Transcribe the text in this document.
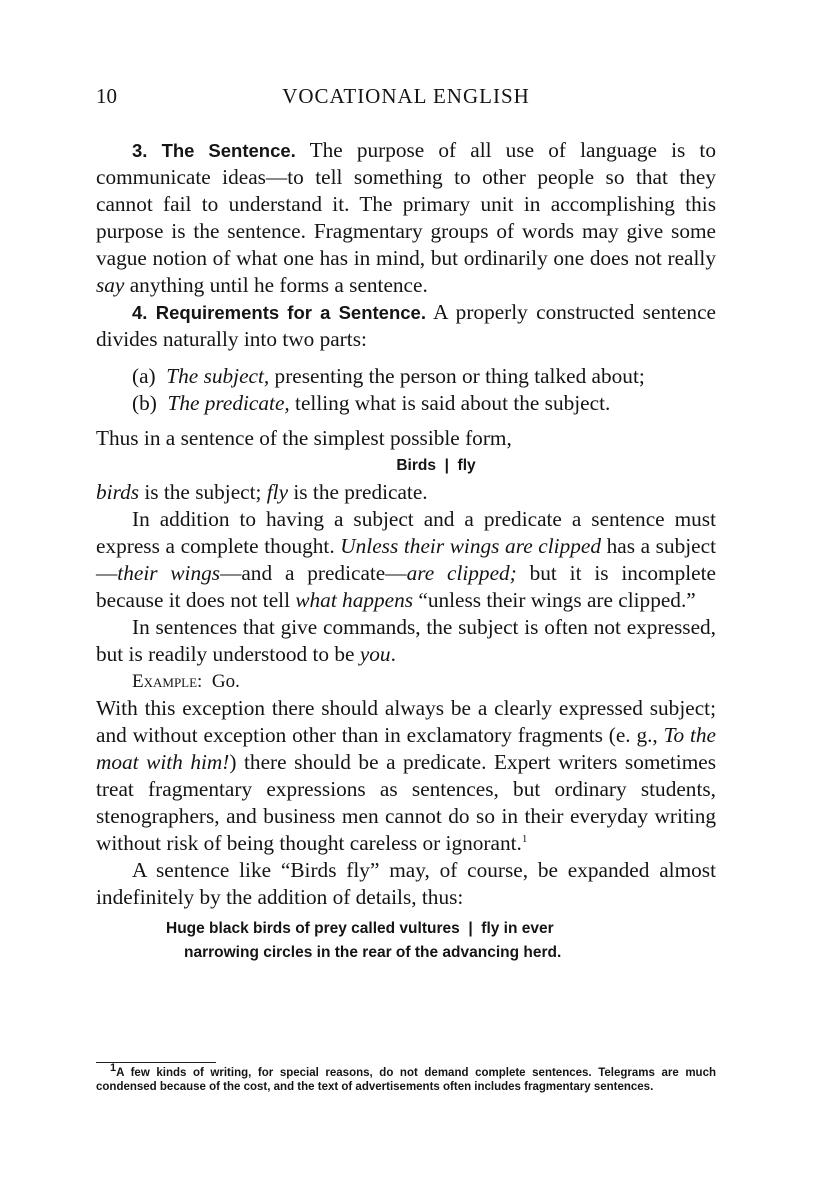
10	VOCATIONAL ENGLISH

3. The Sentence. The purpose of all use of language is to communicate ideas—to tell something to other people so that they cannot fail to understand it. The primary unit in accomplishing this purpose is the sentence. Fragmentary groups of words may give some vague notion of what one has in mind, but ordinarily one does not really say anything until he forms a sentence.

4. Requirements for a Sentence. A properly constructed sentence divides naturally into two parts:

(a) The subject, presenting the person or thing talked about;

(b) The predicate, telling what is said about the subject.

Thus in a sentence of the simplest possible form,

Birds  |  fly

birds is the subject; fly is the predicate.

In addition to having a subject and a predicate a sentence must express a complete thought. Unless their wings are clipped has a subject—their wings—and a predicate—are clipped; but it is incomplete because it does not tell what happens “unless their wings are clipped.”

In sentences that give commands, the subject is often not expressed, but is readily understood to be you.

Example: Go.

With this exception there should always be a clearly expressed subject; and without exception other than in exclamatory fragments (e. g., To the moat with him!) there should be a predicate. Expert writers sometimes treat fragmentary expressions as sentences, but ordinary students, stenographers, and business men cannot do so in their everyday writing without risk of being thought careless or ignorant.$^1$

A sentence like “Birds fly” may, of course, be expanded almost indefinitely by the addition of details, thus:

Huge black birds of prey called vultures  |  fly in ever
narrowing circles in the rear of the advancing herd.

$^1$A few kinds of writing, for special reasons, do not demand complete sentences. Telegrams are much condensed because of the cost, and the text of advertisements often includes fragmentary sentences.
